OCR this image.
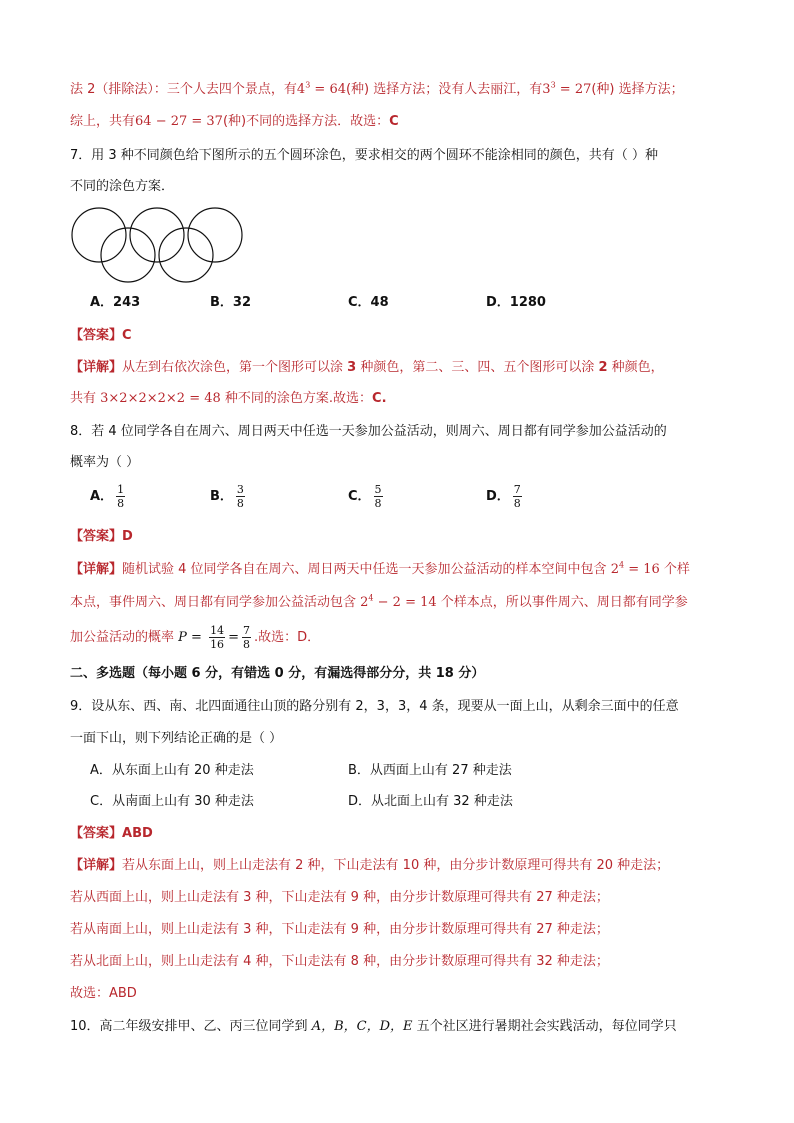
法 2（排除法）：三个人去四个景点，有$4^3 = 64$(种) 选择方法；没有人去丽江，有$3^3 = 27$(种) 选择方法；
综上，共有64 − 27 = 37(种)不同的选择方法．故选：C
7．用 3 种不同颜色给下图所示的五个圆环涂色，要求相交的两个圆环不能涂相同的颜色，共有（ ）种
不同的涂色方案．
A．243	B．32	C．48	D．1280
【答案】C
【详解】从左到右依次涂色，第一个图形可以涂 3 种颜色，第二、三、四、五个图形可以涂 2 种颜色，
共有 3×2×2×2×2 = 48 种不同的涂色方案.故选：C.
8．若 4 位同学各自在周六、周日两天中任选一天参加公益活动，则周六、周日都有同学参加公益活动的
概率为（ ）
A． $\frac{1}{8}$	B． $\frac{3}{8}$	C． $\frac{5}{8}$	D． $\frac{7}{8}$
【答案】D
【详解】随机试验 4 位同学各自在周六、周日两天中任选一天参加公益活动的样本空间中包含 $2^4 = 16$ 个样
本点，事件周六、周日都有同学参加公益活动包含 $2^4 - 2 = 14$ 个样本点，所以事件周六、周日都有同学参
加公益活动的概率 $P = \frac{14}{16} = \frac{7}{8}$ .故选：D．
二、多选题（每小题 6 分，有错选 0 分，有漏选得部分分，共 18 分）
9．设从东、西、南、北四面通往山顶的路分别有 2，3，3，4 条，现要从一面上山，从剩余三面中的任意
一面下山，则下列结论正确的是（ ）
A．从东面上山有 20 种走法	B．从西面上山有 27 种走法
C．从南面上山有 30 种走法	D．从北面上山有 32 种走法
【答案】ABD
【详解】若从东面上山，则上山走法有 2 种，下山走法有 10 种，由分步计数原理可得共有 20 种走法；
若从西面上山，则上山走法有 3 种，下山走法有 9 种，由分步计数原理可得共有 27 种走法；
若从南面上山，则上山走法有 3 种，下山走法有 9 种，由分步计数原理可得共有 27 种走法；
若从北面上山，则上山走法有 4 种，下山走法有 8 种，由分步计数原理可得共有 32 种走法；
故选：ABD
10．高二年级安排甲、乙、丙三位同学到 A，B，C，D，E 五个社区进行暑期社会实践活动，每位同学只
